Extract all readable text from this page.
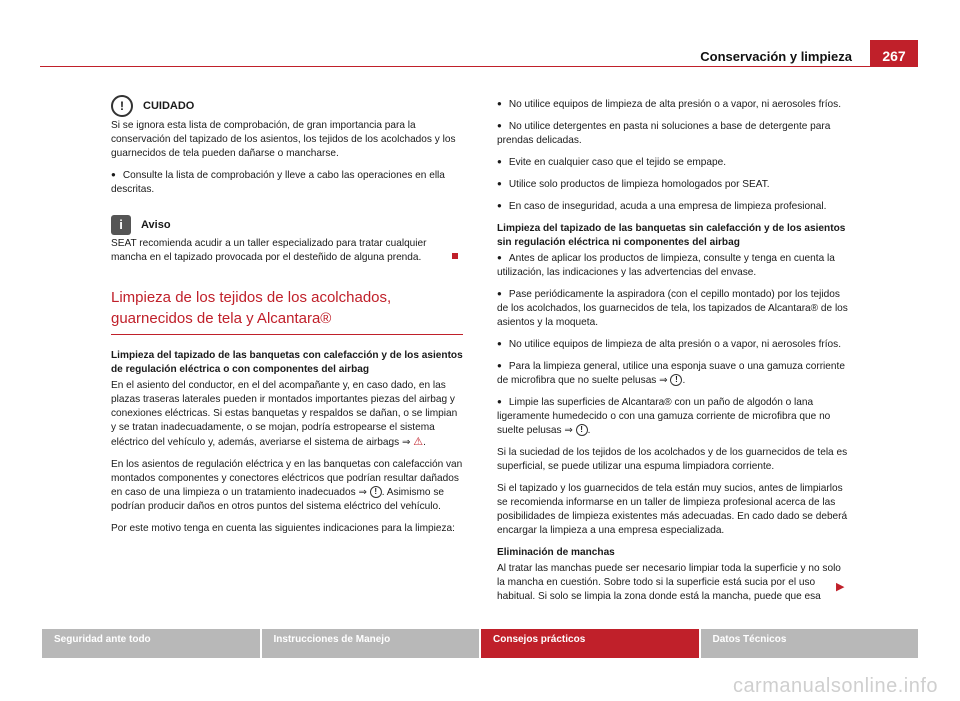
Conservación y limpieza	267

! CUIDADO

Si se ignora esta lista de comprobación, de gran importancia para la conservación del tapizado de los asientos, los tejidos de los acolchados y los guarnecidos de tela pueden dañarse o mancharse.

● Consulte la lista de comprobación y lleve a cabo las operaciones en ella descritas.

i Aviso

SEAT recomienda acudir a un taller especializado para tratar cualquier mancha en el tapizado provocada por el desteñido de alguna prenda.

Limpieza de los tejidos de los acolchados, guarnecidos de tela y Alcantara®

Limpieza del tapizado de las banquetas con calefacción y de los asientos de regulación eléctrica o con componentes del airbag

En el asiento del conductor, en el del acompañante y, en caso dado, en las plazas traseras laterales pueden ir montados importantes piezas del airbag y conexiones eléctricas. Si estas banquetas y respaldos se dañan, o se limpian y se tratan inadecuadamente, o se mojan, podría estropearse el sistema eléctrico del vehículo y, además, averiarse el sistema de airbags ⇒ ⚠.

En los asientos de regulación eléctrica y en las banquetas con calefacción van montados componentes y conectores eléctricos que podrían resultar dañados en caso de una limpieza o un tratamiento inadecuados ⇒ ! . Asimismo se podrían producir daños en otros puntos del sistema eléctrico del vehículo.

Por este motivo tenga en cuenta las siguientes indicaciones para la limpieza:

● No utilice equipos de limpieza de alta presión o a vapor, ni aerosoles fríos.

● No utilice detergentes en pasta ni soluciones a base de detergente para prendas delicadas.

● Evite en cualquier caso que el tejido se empape.

● Utilice solo productos de limpieza homologados por SEAT.

● En caso de inseguridad, acuda a una empresa de limpieza profesional.

Limpieza del tapizado de las banquetas sin calefacción y de los asientos sin regulación eléctrica ni componentes del airbag

● Antes de aplicar los productos de limpieza, consulte y tenga en cuenta la utilización, las indicaciones y las advertencias del envase.

● Pase periódicamente la aspiradora (con el cepillo montado) por los tejidos de los acolchados, los guarnecidos de tela, los tapizados de Alcantara® de los asientos y la moqueta.

● No utilice equipos de limpieza de alta presión o a vapor, ni aerosoles fríos.

● Para la limpieza general, utilice una esponja suave o una gamuza corriente de microfibra que no suelte pelusas ⇒ ! .

● Limpie las superficies de Alcantara® con un paño de algodón o lana ligeramente humedecido o con una gamuza corriente de microfibra que no suelte pelusas ⇒ ! .

Si la suciedad de los tejidos de los acolchados y de los guarnecidos de tela es superficial, se puede utilizar una espuma limpiadora corriente.

Si el tapizado y los guarnecidos de tela están muy sucios, antes de limpiarlos se recomienda informarse en un taller de limpieza profesional acerca de las posibilidades de limpieza existentes más adecuadas. En cado dado se deberá encargar la limpieza a una empresa especializada.

Eliminación de manchas

Al tratar las manchas puede ser necesario limpiar toda la superficie y no solo la mancha en cuestión. Sobre todo si la superficie está sucia por el uso habitual. Si solo se limpia la zona donde está la mancha, puede que esa

▶
Seguridad ante todo	Instrucciones de Manejo	Consejos prácticos	Datos Técnicos
carmanualsonline.info
